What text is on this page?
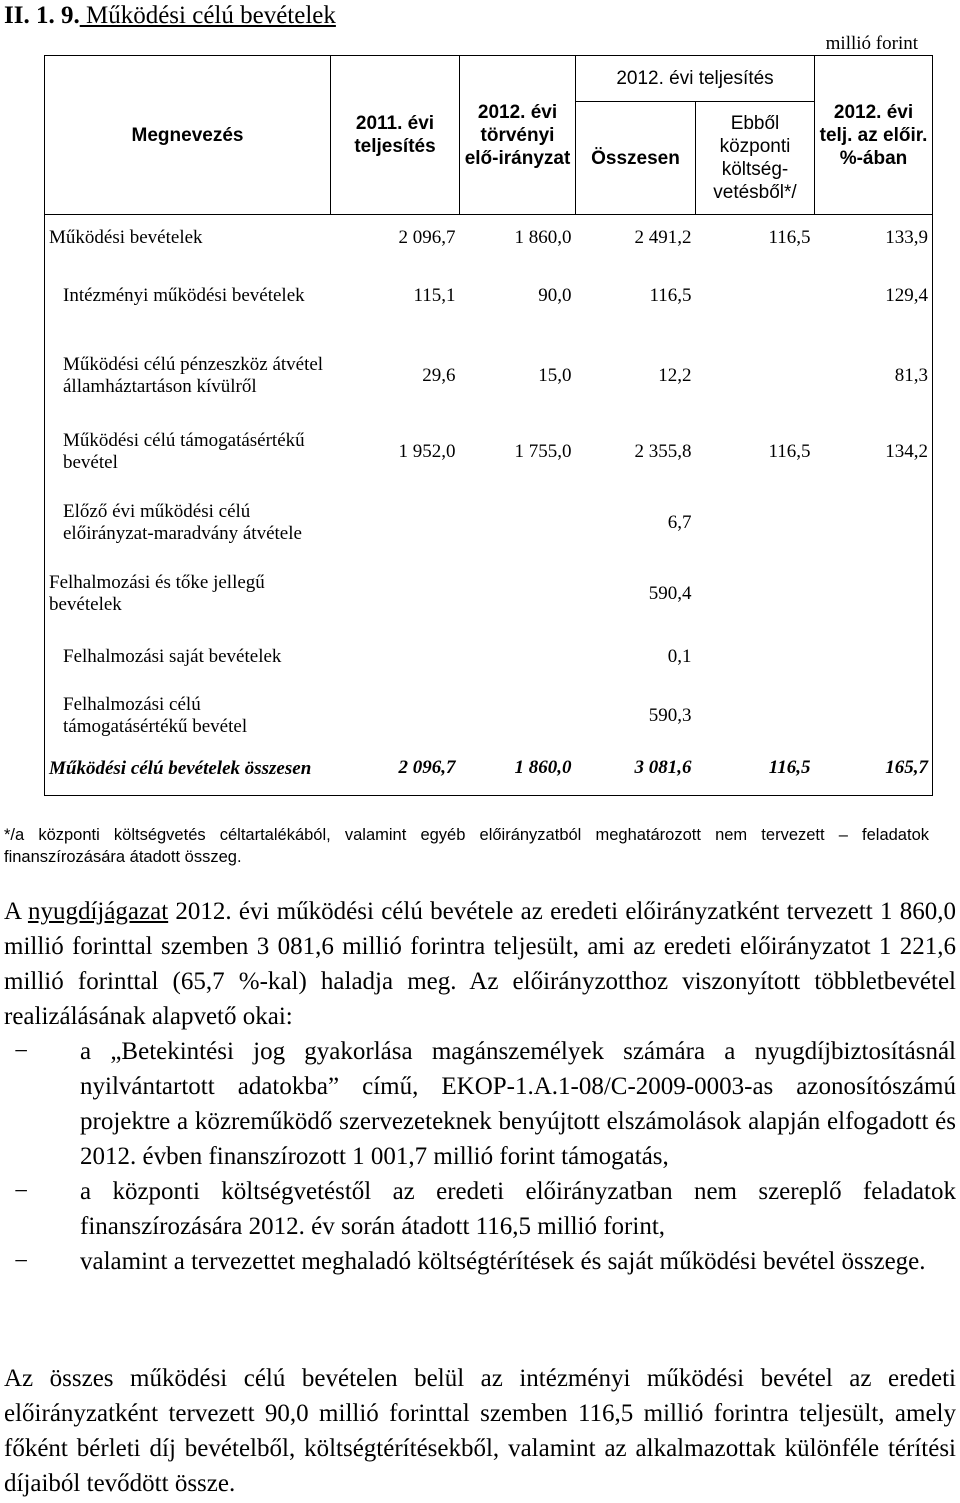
II. 1. 9. Működési célú bevételek
millió forint
Megnevezés	2011. évi teljesítés	2012. évi törvényi elő-irányzat	2012. évi teljesítés		2012. évi telj. az előir. %-ában
			Összesen	Ebből központi költség-vetésből*/	
Működési bevételek	2 096,7	1 860,0	2 491,2	116,5	133,9
Intézményi működési bevételek	115,1	90,0	116,5		129,4
Működési célú pénzeszköz átvétel államháztartáson kívülről	29,6	15,0	12,2		81,3
Működési célú támogatásértékű bevétel	1 952,0	1 755,0	2 355,8	116,5	134,2
Előző évi működési célú előirányzat-maradvány átvétele			6,7		
Felhalmozási és tőke jellegű bevételek			590,4		
Felhalmozási saját bevételek			0,1		
Felhalmozási célú támogatásértékű bevétel			590,3		
Működési célú bevételek összesen	2 096,7	1 860,0	3 081,6	116,5	165,7
*/a központi költségvetés céltartalékából, valamint egyéb előirányzatból meghatározott nem tervezett – feladatok finanszírozására átadott összeg.
A nyugdíjágazat 2012. évi működési célú bevétele az eredeti előirányzatként tervezett 1 860,0 millió forinttal szemben 3 081,6 millió forintra teljesült, ami az eredeti előirányzatot 1 221,6 millió forinttal (65,7 %-kal) haladja meg. Az előirányzotthoz viszonyított többletbevétel realizálásának alapvető okai:
− a „Betekintési jog gyakorlása magánszemélyek számára a nyugdíjbiztosításnál nyilvántartott adatokba” című, EKOP-1.A.1-08/C-2009-0003-as azonosítószámú projektre a közreműködő szervezeteknek benyújtott elszámolások alapján elfogadott és 2012. évben finanszírozott 1 001,7 millió forint támogatás,
− a központi költségvetéstől az eredeti előirányzatban nem szereplő feladatok finanszírozására 2012. év során átadott 116,5 millió forint,
− valamint a tervezettet meghaladó költségtérítések és saját működési bevétel összege.
Az összes működési célú bevételen belül az intézményi működési bevétel az eredeti előirányzatként tervezett 90,0 millió forinttal szemben 116,5 millió forintra teljesült, amely főként bérleti díj bevételből, költségtérítésekből, valamint az alkalmazottak különféle térítési díjaiból tevődött össze.
